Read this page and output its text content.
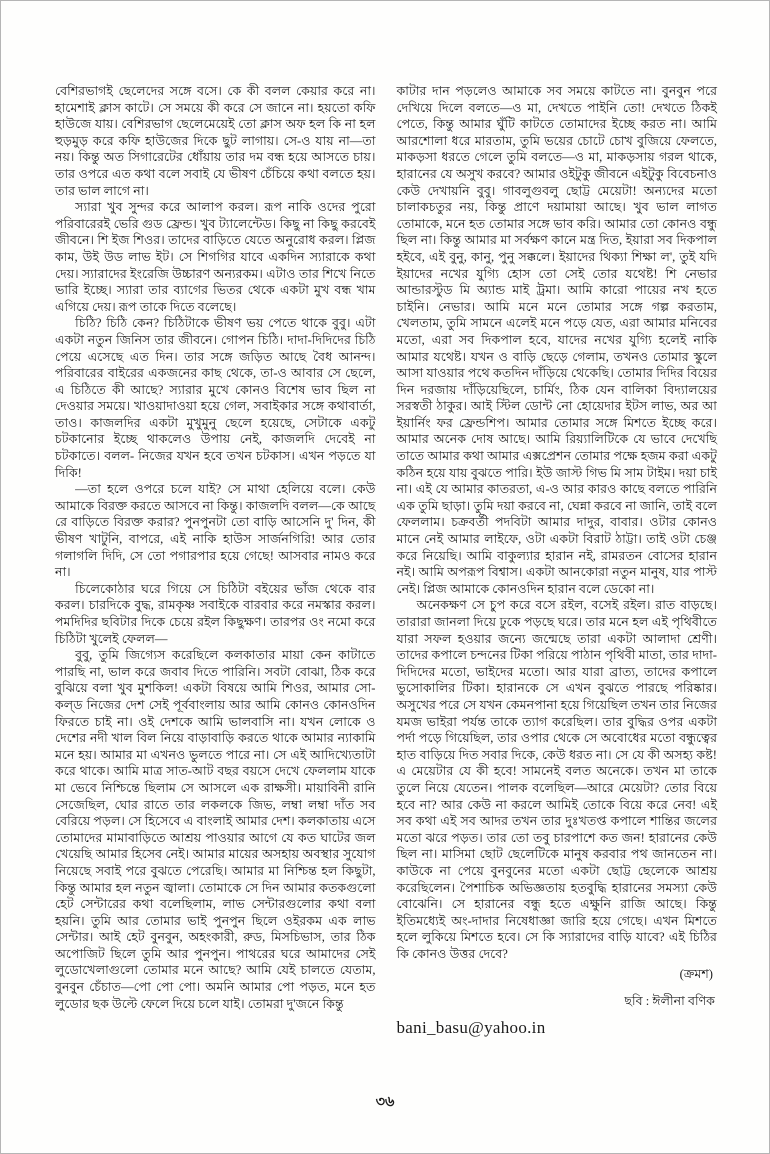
বেশিরভাগই ছেলেদের সঙ্গে বসে। কে কী বলল কেয়ার করে না। হামেশাই ক্লাস কাটে। সে সময়ে কী করে সে জানে না। হয়তো কফি হাউজে যায়। বেশিরভাগ ছেলেমেয়েই তো ক্লাস অফ হল কি না হল হুড়মুড় করে কফি হাউজের দিকে ছুট লাগায়। সে-ও যায় না—তা নয়। কিন্তু অত সিগারেটের ধোঁয়ায় তার দম বন্ধ হয়ে আসতে চায়। তার ওপরে এত কথা বলে সবাই যে ভীষণ চেঁচিয়ে কথা বলতে হয়। তার ভাল লাগে না।

স্যারা খুব সুন্দর করে আলাপ করল। রূপ নাকি ওদের পুরো পরিবারেরই ভেরি গুড ফ্রেন্ড। খুব ট্যালেন্টেড। কিছু না কিছু করবেই জীবনে। শি ইজ শিওর। তাদের বাড়িতে যেতে অনুরোধ করল। প্লিজ কাম, উই উড লাভ ইট। সে শিগগির যাবে একদিন স্যারাকে কথা দেয়। স্যারাদের ইংরেজি উচ্চারণ অন্যরকম। এটাও তার শিখে নিতে ভারি ইচ্ছে। স্যারা তার ব্যাগের ভিতর থেকে একটা মুখ বন্ধ খাম এগিয়ে দেয়। রূপ তাকে দিতে বলেছে।

চিঠি? চিঠি কেন? চিঠিটাকে ভীষণ ভয় পেতে থাকে বুবু। এটা একটা নতুন জিনিস তার জীবনে। গোপন চিঠি। দাদা-দিদিদের চিঠি পেয়ে এসেছে এত দিন। তার সঙ্গে জড়িত আছে বৈধ আনন্দ। পরিবারের বাইরের একজনের কাছ থেকে, তা-ও আবার সে ছেলে, এ চিঠিতে কী আছে? স্যারার মুখে কোনও বিশেষ ভাব ছিল না দেওয়ার সময়ে। খাওয়াদাওয়া হয়ে গেল, সবাইকার সঙ্গে কথাবার্তা, তাও। কাজলদির একটা মুখুমুনু ছেলে হয়েছে, সেটাকে একটু চটকানোর ইচ্ছে থাকলেও উপায় নেই, কাজলদি দেবেই না চটকাতে। বলল- নিজের যখন হবে তখন চটকাস। এখন পড়তে যা দিকি!

—তা হলে ওপরে চলে যাই? সে মাথা হেলিয়ে বলে। কেউ আমাকে বিরক্ত করতে আসবে না কিন্তু। কাজলদি বলল—কে আছে রে বাড়িতে বিরক্ত করার? পুনপুনটা তো বাড়ি আসেনি দু' দিন, কী ভীষণ খাটুনি, বাপরে, এই নাকি হাউস সার্জনগিরি! আর তোর গলাগলি দিদি, সে তো পগারপার হয়ে গেছে! আসবার নামও করে না।

চিলেকোঠার ঘরে গিয়ে সে চিঠিটা বইয়ের ভাঁজ থেকে বার করল। চারদিকে বুদ্ধ, রামকৃষ্ণ সবাইকে বারবার করে নমস্কার করল। পমদিদির ছবিটার দিকে চেয়ে রইল কিছুক্ষণ। তারপর ওং নমো করে চিঠিটা খুলেই ফেলল—

বুবু, তুমি জিগ্যেস করেছিলে কলকাতার মায়া কেন কাটাতে পারছি না, ভাল করে জবাব দিতে পারিনি। সবটা বোঝা, ঠিক করে বুঝিয়ে বলা খুব মুশকিল! একটা বিষয়ে আমি শিওর, আমার সো-কল্‌ড নিজের দেশ সেই পূর্ববাংলায় আর আমি কোনও কোনওদিন ফিরতে চাই না। ওই দেশকে আমি ভালবাসি না। যখন লোকে ও দেশের নদী খাল বিল নিয়ে বাড়াবাড়ি করতে থাকে আমার ন্যাকামি মনে হয়। আমার মা এখনও ভুলতে পারে না। সে এই আদিখ্যেতাটা করে থাকে। আমি মাত্র সাত-আট বছর বয়সে দেখে ফেললাম যাকে মা ভেবে নিশ্চিন্তে ছিলাম সে আসলে এক রাক্ষসী। মায়াবিনী রানি সেজেছিল, ঘোর রাতে তার লকলকে জিভ, লম্বা লম্বা দাঁত সব বেরিয়ে পড়ল। সে হিসেবে এ বাংলাই আমার দেশ। কলকাতায় এসে তোমাদের মামাবাড়িতে আশ্রয় পাওয়ার আগে যে কত ঘাটের জল খেয়েছি আমার হিসেব নেই। আমার মায়ের অসহায় অবস্থার সুযোগ নিয়েছে সবাই পরে বুঝতে পেরেছি। আমার মা নিশ্চিন্ত হল কিছুটা, কিন্তু আমার হল নতুন জ্বালা। তোমাকে সে দিন আমার কতকগুলো হেট সেন্টারের কথা বলেছিলাম, লাভ সেন্টারগুলোর কথা বলা হয়নি। তুমি আর তোমার ভাই পুনপুন ছিলে ওইরকম এক লাভ সেন্টার। আই হেট বুনবুন, অহংকারী, রুড, মিসচিভাস, তার ঠিক অপোজিট ছিলে তুমি আর পুনপুন। পাথরের ঘরে আমাদের সেই লুডোখেলাগুলো তোমার মনে আছে? আমি যেই চালতে যেতাম, বুনবুন চেঁচাত—পো পো পো। অমনি আমার পো পড়ত, মনে হত লুডোর ছক উল্টে ফেলে দিয়ে চলে যাই। তোমরা দু'জনে কিন্তু

কাটার দান পড়লেও আমাকে সব সময়ে কাটতে না। বুনবুন পরে দেখিয়ে দিলে বলতে—ও মা, দেখতে পাইনি তো! দেখতে ঠিকই পেতে, কিন্তু আমার ঘুঁটি কাটতে তোমাদের ইচ্ছে করত না। আমি আরশোলা ধরে মারতাম, তুমি ভয়ের চোটে চোখ বুজিয়ে ফেলতে, মাকড়সা ধরতে গেলে তুমি বলতে—ও মা, মাকড়সায় গরল থাকে, হারানের যে অসুখ করবে? আমার ওইটুকু জীবনে এইটুকু বিবেচনাও কেউ দেখায়নি বুবু। গাবলুগুবলু ছোট্ট মেয়েটা! অন্যদের মতো চালাকচতুর নয়, কিন্তু প্রাণে দয়ামায়া আছে। খুব ভাল লাগত তোমাকে, মনে হত তোমার সঙ্গে ভাব করি। আমার তো কোনও বন্ধু ছিল না। কিন্তু আমার মা সর্বক্ষণ কানে মন্ত্র দিত, ইয়ারা সব দিকপাল হইবে, এই বুনু, কানু, পুনু সক্কলে। ইয়াদের থিক্যা শিক্ষা ল', তুই যদি ইয়াদের নখের যুগ্যি হোস তো সেই তোর যথেষ্ট! শি নেভার আন্ডারস্টুড মি অ্যান্ড মাই ট্রমা। আমি কারো পায়ের নখ হতে চাইনি। নেভার। আমি মনে মনে তোমার সঙ্গে গল্প করতাম, খেলতাম, তুমি সামনে এলেই মনে পড়ে যেত, এরা আমার মনিবের মতো, এরা সব দিকপাল হবে, যাদের নখের যুগ্যি হলেই নাকি আমার যথেষ্ট। যখন ও বাড়ি ছেড়ে গেলাম, তখনও তোমার স্কুলে আসা যাওয়ার পথে কতদিন দাঁড়িয়ে থেকেছি। তোমার দিদির বিয়ের দিন দরজায় দাঁড়িয়েছিলে, চার্মিং, ঠিক যেন বালিকা বিদ্যালয়ের সরস্বতী ঠাকুর। আই স্টিল ডোন্ট নো হোয়েদার ইটস লাভ, অর আ ইয়ার্নিং ফর ফ্রেন্ডশিপ। আমার তোমার সঙ্গে মিশতে ইচ্ছে করে। আমার অনেক দোষ আছে। আমি রিয়্যালিটিকে যে ভাবে দেখেছি তাতে আমার কথা আমার এক্সপ্রেশন তোমার পক্ষে হজম করা একটু কঠিন হয়ে যায় বুঝতে পারি। ইউ জাস্ট গিভ মি সাম টাইম। দয়া চাই না। এই যে আমার কাতরতা, এ-ও আর কারও কাছে বলতে পারিনি এক তুমি ছাড়া। তুমি দয়া করবে না, ঘেন্না করবে না জানি, তাই বলে ফেললাম। চক্রবর্তী পদবিটা আমার দাদুর, বাবার। ওটার কোনও মানে নেই আমার লাইফে, ওটা একটা বিরাট ঠাট্টা। তাই ওটা চেঞ্জ করে নিয়েছি। আমি বাকুল্যার হারান নই, রামরতন বোসের হারান নই। আমি অপরূপ বিশ্বাস। একটা আনকোরা নতুন মানুষ, যার পাস্ট নেই। প্লিজ আমাকে কোনওদিন হারান বলে ডেকো না।

অনেকক্ষণ সে চুপ করে বসে রইল, বসেই রইল। রাত বাড়ছে। তারারা জানলা দিয়ে ঢুকে পড়ছে ঘরে। তার মনে হল এই পৃথিবীতে যারা সফল হওয়ার জন্যে জন্মেছে তারা একটা আলাদা শ্রেণী। তাদের কপালে চন্দনের টিকা পরিয়ে পাঠান পৃথিবী মাতা, তার দাদা-দিদিদের মতো, ভাইদের মতো। আর যারা ব্রাত্য, তাদের কপালে ভুসোকালির টিকা। হারানকে সে এখন বুঝতে পারছে পরিষ্কার। অসুখের পরে সে যখন কেমনপানা হয়ে গিয়েছিল তখন তার নিজের যমজ ভাইরা পর্যন্ত তাকে ত্যাগ করেছিল। তার বুদ্ধির ওপর একটা পর্দা পড়ে গিয়েছিল, তার ওপার থেকে সে অবোধের মতো বন্ধুত্বের হাত বাড়িয়ে দিত সবার দিকে, কেউ ধরত না। সে যে কী অসহ্য কষ্ট! এ মেয়েটার যে কী হবে! সামনেই বলত অনেকে। তখন মা তাকে তুলে নিয়ে যেতেন। পালক বলেছিল—আরে মেয়েটা? তোর বিয়ে হবে না? আর কেউ না করলে আমিই তোকে বিয়ে করে নেব! এই সব কথা এই সব আদর তখন তার দুঃখতপ্ত কপালে শান্তির জলের মতো ঝরে পড়ত। তার তো তবু চারপাশে কত জন! হারানের কেউ ছিল না। মাসিমা ছোট ছেলেটিকে মানুষ করবার পথ জানতেন না। কাউকে না পেয়ে বুনবুনের মতো একটা ছোট্ট ছেলেকে আশ্রয় করেছিলেন। পৈশাচিক অভিজ্ঞতায় হতবুদ্ধি হারানের সমস্যা কেউ বোঝেনি। সে হারানের বন্ধু হতে এক্ষুনি রাজি আছে। কিন্তু ইতিমধ্যেই অং-দাদার নিষেধাজ্ঞা জারি হয়ে গেছে। এখন মিশতে হলে লুকিয়ে মিশতে হবে। সে কি স্যারাদের বাড়ি যাবে? এই চিঠির কি কোনও উত্তর দেবে?

(ক্রমশ)

ছবি : ঈলীনা বণিক

bani_basu@yahoo.in

৩৬
